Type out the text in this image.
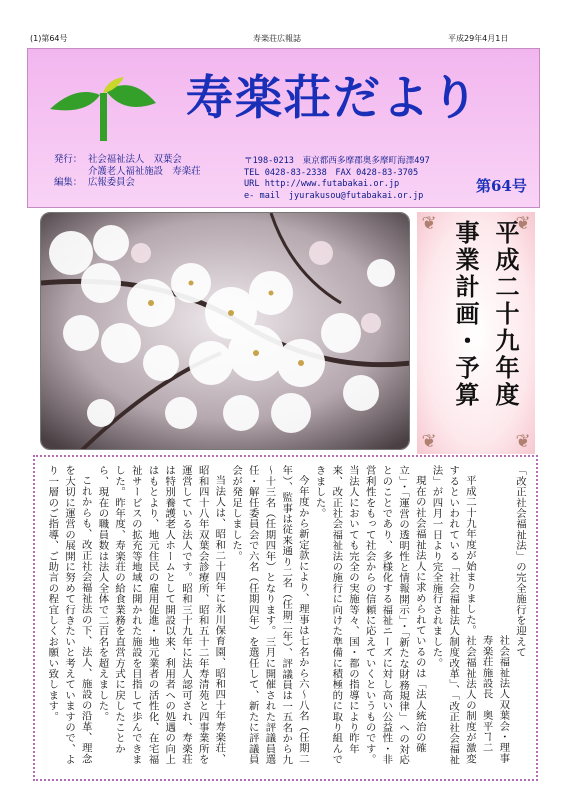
(1)第64号	寿楽荘広報誌	平成29年4月1日
寿楽荘だより
発行： 社会福祉法人　双葉会
介護老人福祉施設　寿楽荘
編集： 広報委員会
〒198-0213　東京都西多摩郡奥多摩町海澤497
TEL 0428-83-2338　FAX 0428-83-3705
URL http://www.futabakai.or.jp
e- mail　jyurakusou@futabakai.or.jp
第64号
平成二十九年度
事業計画・予算
❦	❦
❦	❦
「改正社会福祉法」の完全施行を迎えて
社会福祉法人双葉会・理事
寿楽荘施設長　奥平ヿ二
平成二十九年度が始まりました。社会福祉法人の制度が激変するといわれている「社会福祉法人制度改革」、「改正社会福祉法」が四月一日より完全施行されました。
現在の社会福祉法人に求められているのは「法人統治の確立」・「運営の透明性と情報開示」・「新たな財務規律」への対応とのことであり、多様化する福祉ニーズに対し高い公益性・非営利性をもって社会からの信頼に応えていくというものです。当法人においても完全の実施等々、国・都の指導により昨年来、改正社会福祉法の施行に向けた準備に積極的に取り組んできました。
今年度から新定款により、理事は七名から六～八名（任期二年）、監事は従来通り二名（任期二年）、評議員は一五名から九～十三名（任期四年）となります。三月に開催された評議員選任・解任委員会で六名（任期四年）を選任して、新たに評議員会が発足しました。
当法人は、昭和二十四年に氷川保育園、昭和四十年寿楽荘、昭和四十八年双葉会診療所、昭和五十二年寿清苑と四事業所を運営している法人です。昭和三十九年に法人認可され、寿楽荘は特別養護老人ホームとして開設以来、利用者への処遇の向上はもとより、地元住民の雇用促進・地元業者の活性化、在宅福祉サービスの拡充等地域に開かれた施設を目指して歩んできました。昨年度、寿楽荘の給食業務を直営方式に戻したことから、現在の職員数は法人全体で二百名を超えました。
これからも、改正社会福祉法の下、法人、施設の沿革、理念を大切に運営の展開に努めて行きたいと考えていますので、より一層のご指導、ご助言の程宜しくお願い致します。
